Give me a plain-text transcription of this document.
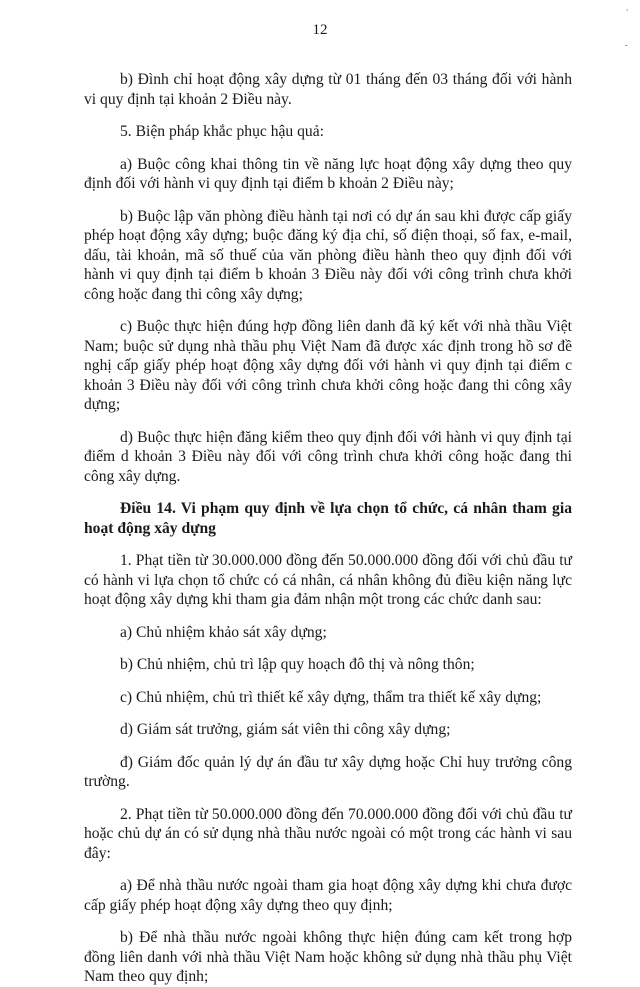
12
'
-

b) Đình chỉ hoạt động xây dựng từ 01 tháng đến 03 tháng đối với hành vi quy định tại khoản 2 Điều này.

5. Biện pháp khắc phục hậu quả:

a) Buộc công khai thông tin về năng lực hoạt động xây dựng theo quy định đối với hành vi quy định tại điểm b khoản 2 Điều này;

b) Buộc lập văn phòng điều hành tại nơi có dự án sau khi được cấp giấy phép hoạt động xây dựng; buộc đăng ký địa chỉ, số điện thoại, số fax, e-mail, dấu, tài khoản, mã số thuế của văn phòng điều hành theo quy định đối với hành vi quy định tại điểm b khoản 3 Điều này đối với công trình chưa khởi công hoặc đang thi công xây dựng;

c) Buộc thực hiện đúng hợp đồng liên danh đã ký kết với nhà thầu Việt Nam; buộc sử dụng nhà thầu phụ Việt Nam đã được xác định trong hồ sơ đề nghị cấp giấy phép hoạt động xây dựng đối với hành vi quy định tại điểm c khoản 3 Điều này đối với công trình chưa khởi công hoặc đang thi công xây dựng;

d) Buộc thực hiện đăng kiểm theo quy định đối với hành vi quy định tại điểm d khoản 3 Điều này đối với công trình chưa khởi công hoặc đang thi công xây dựng.

Điều 14. Vi phạm quy định về lựa chọn tổ chức, cá nhân tham gia hoạt động xây dựng

1. Phạt tiền từ 30.000.000 đồng đến 50.000.000 đồng đối với chủ đầu tư có hành vi lựa chọn tổ chức có cá nhân, cá nhân không đủ điều kiện năng lực hoạt động xây dựng khi tham gia đảm nhận một trong các chức danh sau:

a) Chủ nhiệm khảo sát xây dựng;

b) Chủ nhiệm, chủ trì lập quy hoạch đô thị và nông thôn;

c) Chủ nhiệm, chủ trì thiết kế xây dựng, thẩm tra thiết kế xây dựng;

d) Giám sát trưởng, giám sát viên thi công xây dựng;

đ) Giám đốc quản lý dự án đầu tư xây dựng hoặc Chỉ huy trưởng công trường.

2. Phạt tiền từ 50.000.000 đồng đến 70.000.000 đồng đối với chủ đầu tư hoặc chủ dự án có sử dụng nhà thầu nước ngoài có một trong các hành vi sau đây:

a) Để nhà thầu nước ngoài tham gia hoạt động xây dựng khi chưa được cấp giấy phép hoạt động xây dựng theo quy định;

b) Để nhà thầu nước ngoài không thực hiện đúng cam kết trong hợp đồng liên danh với nhà thầu Việt Nam hoặc không sử dụng nhà thầu phụ Việt Nam theo quy định;
